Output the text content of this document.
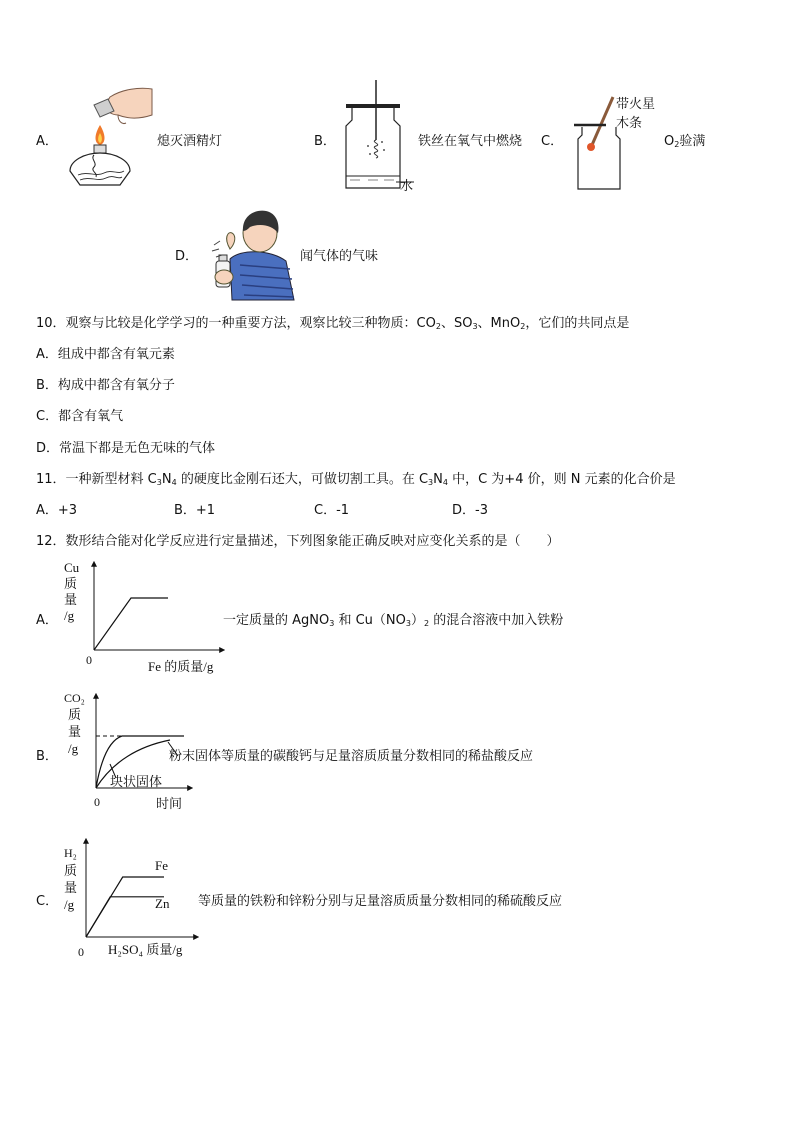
A．	熄灭酒精灯	B．
水
铁丝在氧气中燃烧 C．
带火星
木条
$O_2$验满
D．	闻气体的气味
10．观察与比较是化学学习的一种重要方法，观察比较三种物质：$CO_2$、$SO_3$、MnO$_2$，它们的共同点是
A．组成中都含有氧元素
B．构成中都含有氧分子
C．都含有氧气
D．常温下都是无色无味的气体
11．一种新型材料 $C_3N_4$ 的硬度比金刚石还大，可做切割工具。在 $C_3N_4$ 中，C 为+4 价，则 N 元素的化合价是
A．+3	B．+1	C．-1	D．-3
12．数形结合能对化学反应进行定量描述，下列图象能正确反映对应变化关系的是（　　）
A．
Cu
质
量
/g
0	Fe 的质量/g
一定质量的 AgNO$_3$ 和 $Cu(NO_3)_2$ 的混合溶液中加入铁粉
B．
CO₂
质
量
/g
块状固体
0	时间
粉末固体等质量的碳酸钙与足量溶质质量分数相同的稀盐酸反应
C．
H₂
质
量
/g
Fe
Zn
0 H₂SO₄ 质量/g
等质量的铁粉和锌粉分别与足量溶质质量分数相同的稀硫酸反应
